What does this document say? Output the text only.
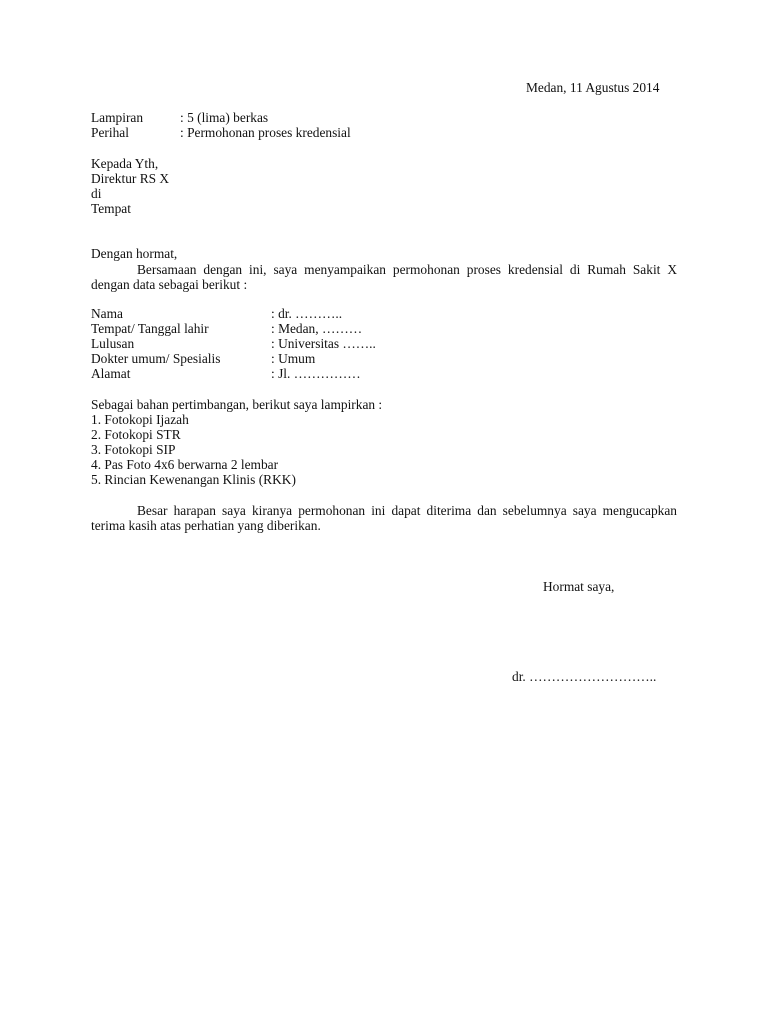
Medan, 11 Agustus 2014
Lampiran	: 5 (lima) berkas
Perihal	: Permohonan proses kredensial
Kepada Yth,
Direktur RS X
di
Tempat
Dengan hormat,
Bersamaan dengan ini, saya menyampaikan permohonan proses kredensial di Rumah Sakit X dengan data sebagai berikut :
Nama	: dr. ………..
Tempat/ Tanggal lahir	: Medan, ………
Lulusan	: Universitas ……..
Dokter umum/ Spesialis	: Umum
Alamat	: Jl. ……………
Sebagai bahan pertimbangan, berikut saya lampirkan :
1. Fotokopi Ijazah
2. Fotokopi STR
3. Fotokopi SIP
4. Pas Foto 4x6 berwarna 2 lembar
5. Rincian Kewenangan Klinis (RKK)
Besar harapan saya kiranya permohonan ini dapat diterima dan sebelumnya saya mengucapkan terima kasih atas perhatian yang diberikan.
Hormat saya,
dr. ………………………..
